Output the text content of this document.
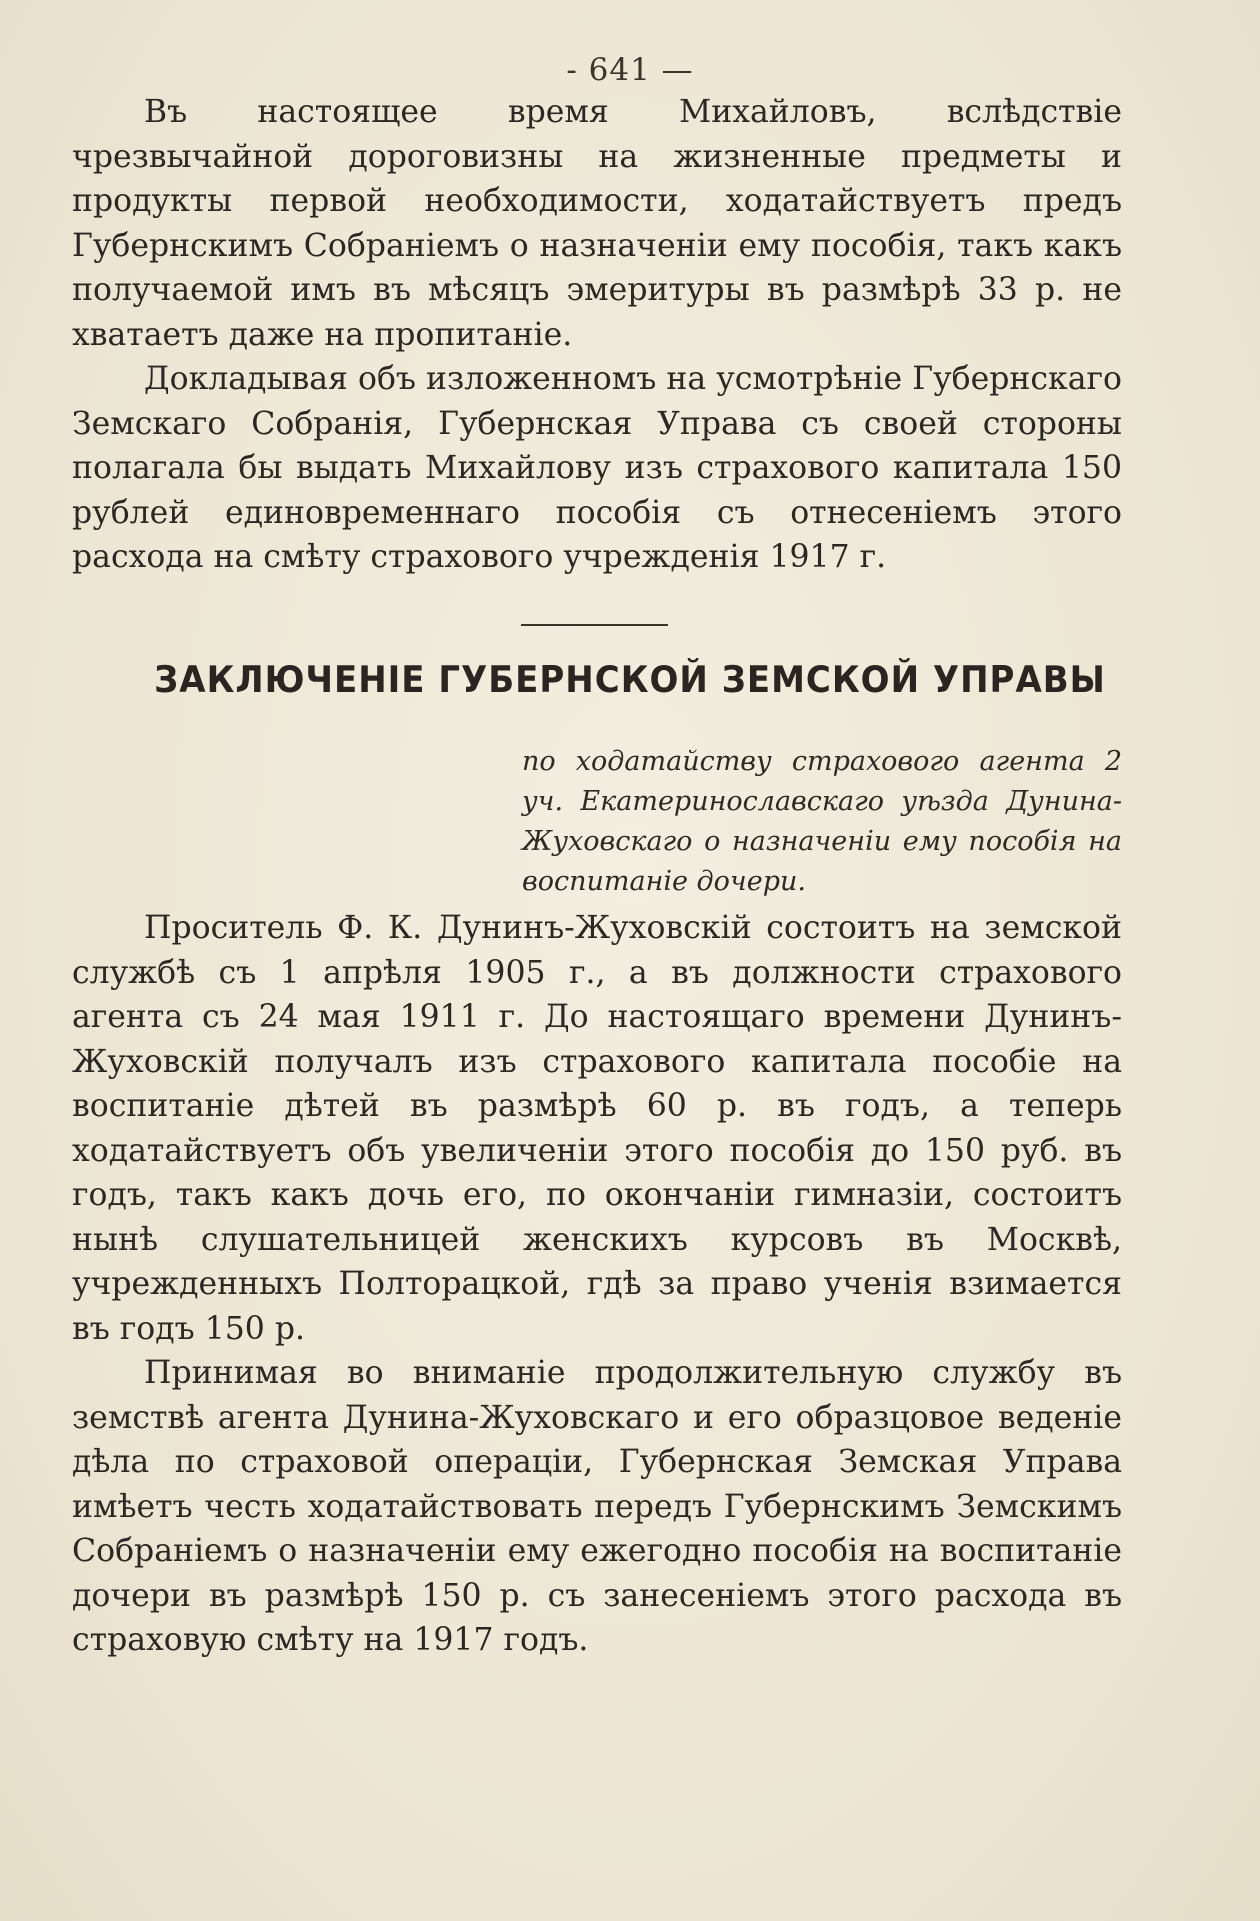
- 641 —

Въ настоящее время Михайловъ, вслѣдствіе чрезвычайной дороговизны на жизненные предметы и продукты первой необходимости, ходатайствуетъ предъ Губернскимъ Собраніемъ о назначеніи ему пособія, такъ какъ получаемой имъ въ мѣсяцъ эмеритуры въ размѣрѣ 33 р. не хватаетъ даже на пропитаніе.

Докладывая объ изложенномъ на усмотрѣніе Губернскаго Земскаго Собранія, Губернская Управа съ своей стороны полагала бы выдать Михайлову изъ страхового капитала 150 рублей единовременнаго пособія съ отнесеніемъ этого расхода на смѣту страхового учрежденія 1917 г.

ЗАКЛЮЧЕНІЕ ГУБЕРНСКОЙ ЗЕМСКОЙ УПРАВЫ
по ходатайству страхового агента 2 уч. Екатеринославскаго уѣзда Дунина-Жуховскаго о назначеніи ему пособія на воспитаніе дочери.

Проситель Ф. К. Дунинъ-Жуховскій состоитъ на земской службѣ съ 1 апрѣля 1905 г., а въ должности страхового агента съ 24 мая 1911 г. До настоящаго времени Дунинъ-Жуховскій получалъ изъ страхового капитала пособіе на воспитаніе дѣтей въ размѣрѣ 60 р. въ годъ, а теперь ходатайствуетъ объ увеличеніи этого пособія до 150 руб. въ годъ, такъ какъ дочь его, по окончаніи гимназіи, состоитъ нынѣ слушательницей женскихъ курсовъ въ Москвѣ, учрежденныхъ Полторацкой, гдѣ за право ученія взимается въ годъ 150 р.

Принимая во вниманіе продолжительную службу въ земствѣ агента Дунина-Жуховскаго и его образцовое веденіе дѣла по страховой операціи, Губернская Земская Управа имѣетъ честь ходатайствовать передъ Губернскимъ Земскимъ Собраніемъ о назначеніи ему ежегодно пособія на воспитаніе дочери въ размѣрѣ 150 р. съ занесеніемъ этого расхода въ страховую смѣту на 1917 годъ.
